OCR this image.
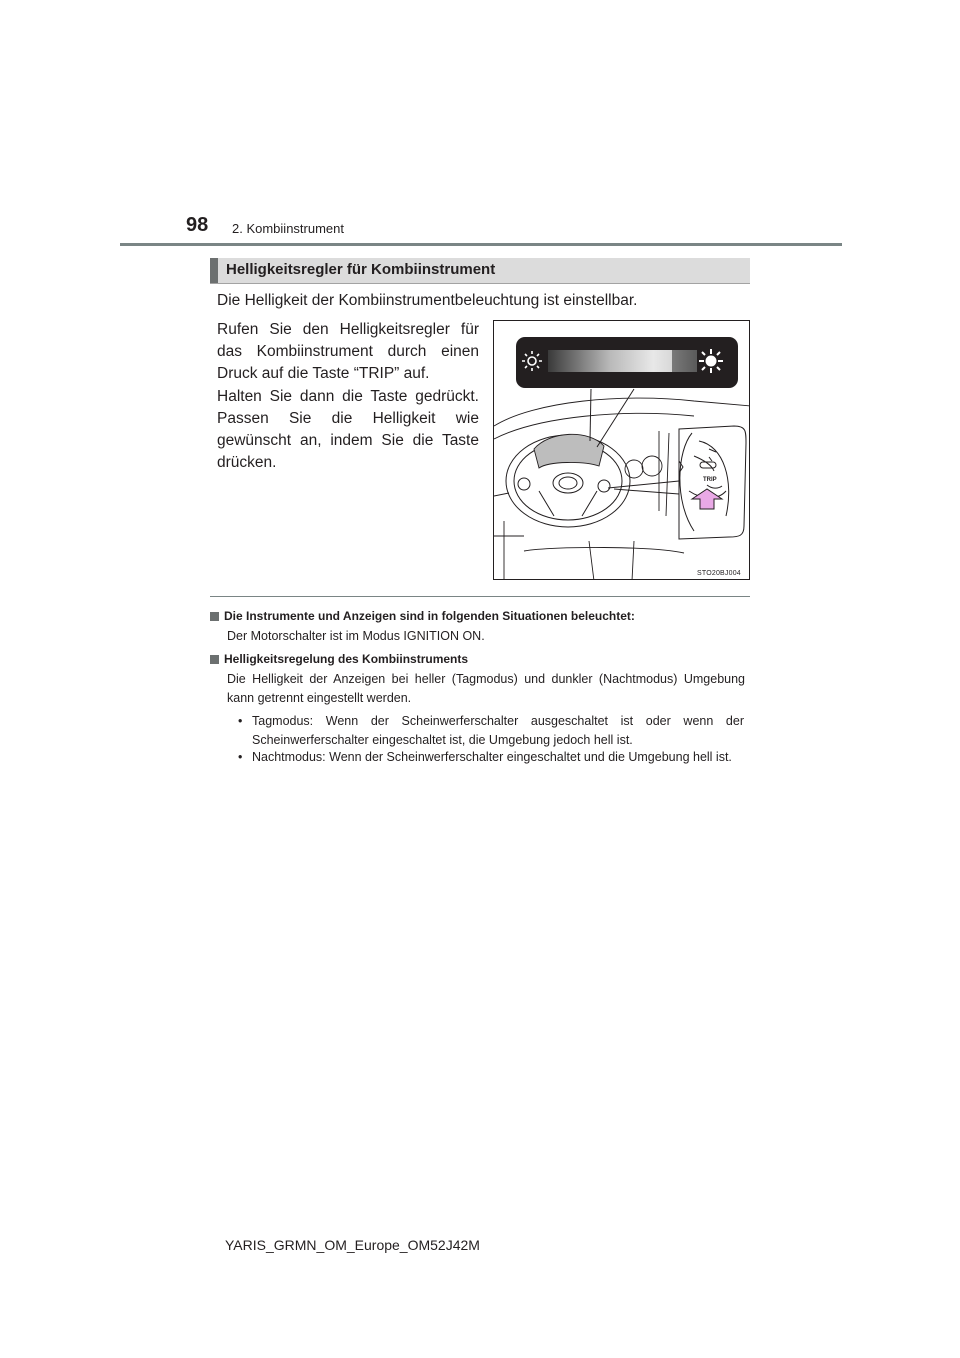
98 2. Kombiinstrument
Helligkeitsregler für Kombiinstrument
Die Helligkeit der Kombiinstrumentbeleuchtung ist einstellbar.
Rufen Sie den Helligkeitsregler für das Kombiinstrument durch einen Druck auf die Taste “TRIP” auf.
Halten Sie dann die Taste gedrückt. Passen Sie die Helligkeit wie gewünscht an, indem Sie die Taste drücken.
TRIP
STO20BJ004
Die Instrumente und Anzeigen sind in folgenden Situationen beleuchtet:
Der Motorschalter ist im Modus IGNITION ON.
Helligkeitsregelung des Kombiinstruments
Die Helligkeit der Anzeigen bei heller (Tagmodus) und dunkler (Nachtmodus) Umgebung kann getrennt eingestellt werden.
• Tagmodus: Wenn der Scheinwerferschalter ausgeschaltet ist oder wenn der Scheinwerferschalter eingeschaltet ist, die Umgebung jedoch hell ist.
• Nachtmodus: Wenn der Scheinwerferschalter eingeschaltet und die Umgebung hell ist.
YARIS_GRMN_OM_Europe_OM52J42M
